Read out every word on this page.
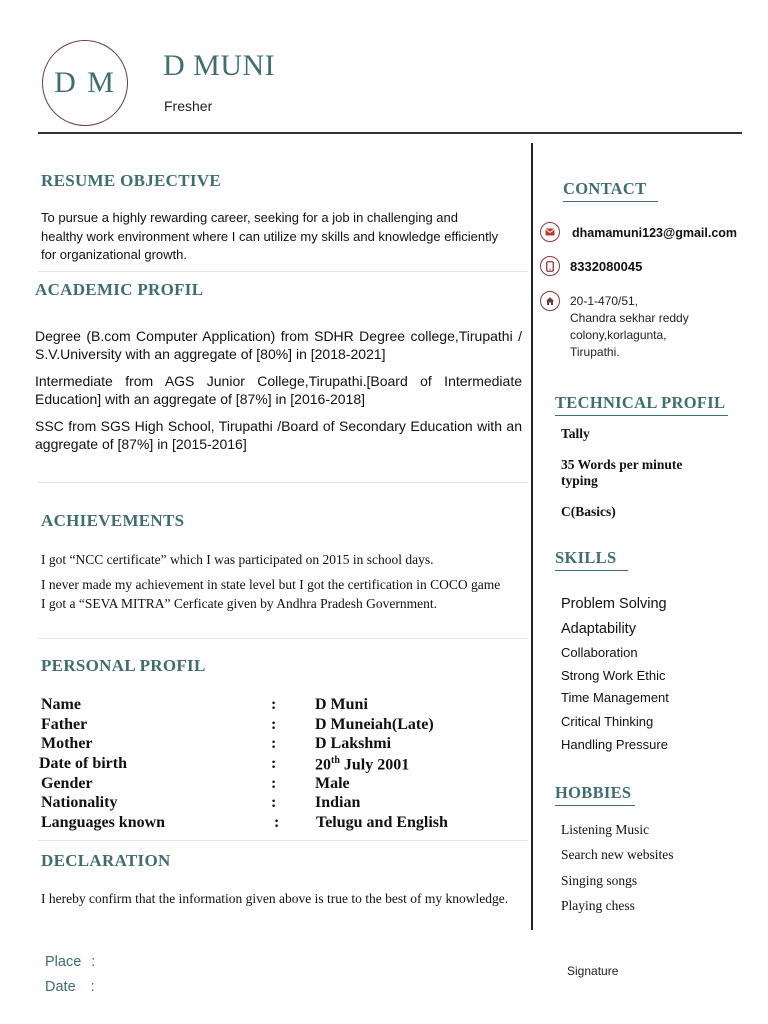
D M
D MUNI
Fresher
RESUME OBJECTIVE
To pursue a highly rewarding career, seeking for a job in challenging and healthy work environment where I can utilize my skills and knowledge efficiently for organizational growth.
ACADEMIC PROFIL
Degree (B.com Computer Application) from SDHR Degree college,Tirupathi / S.V.University with an aggregate of [80%] in [2018-2021]
Intermediate from AGS Junior College,Tirupathi.[Board of Intermediate Education] with an aggregate of [87%] in [2016-2018]
SSC from SGS High School, Tirupathi /Board of Secondary Education with an aggregate of [87%] in [2015-2016]
ACHIEVEMENTS
I got “NCC certificate” which I was participated on 2015 in school days.
I never made my achievement in state level but I got the certification in COCO game
I got a “SEVA MITRA” Cerficate given by Andhra Pradesh Government.
PERSONAL PROFIL
Name	:	D Muni
Father	:	D Muneiah(Late)
Mother	:	D Lakshmi
Date of birth	:	20th July 2001
Gender	:	Male
Nationality	:	Indian
Languages known	:	Telugu and English
DECLARATION
I hereby confirm that the information given above is true to the best of my knowledge.
Place :
Date :
Signature
CONTACT
dhamamuni123@gmail.com
8332080045
20-1-470/51,
Chandra sekhar reddy
colony,korlagunta,
Tirupathi.
TECHNICAL PROFIL
Tally
35 Words per minute typing
C(Basics)
SKILLS
Problem Solving
Adaptability
Collaboration
Strong Work Ethic
Time Management
Critical Thinking
Handling Pressure
HOBBIES
Listening Music
Search new websites
Singing songs
Playing chess
